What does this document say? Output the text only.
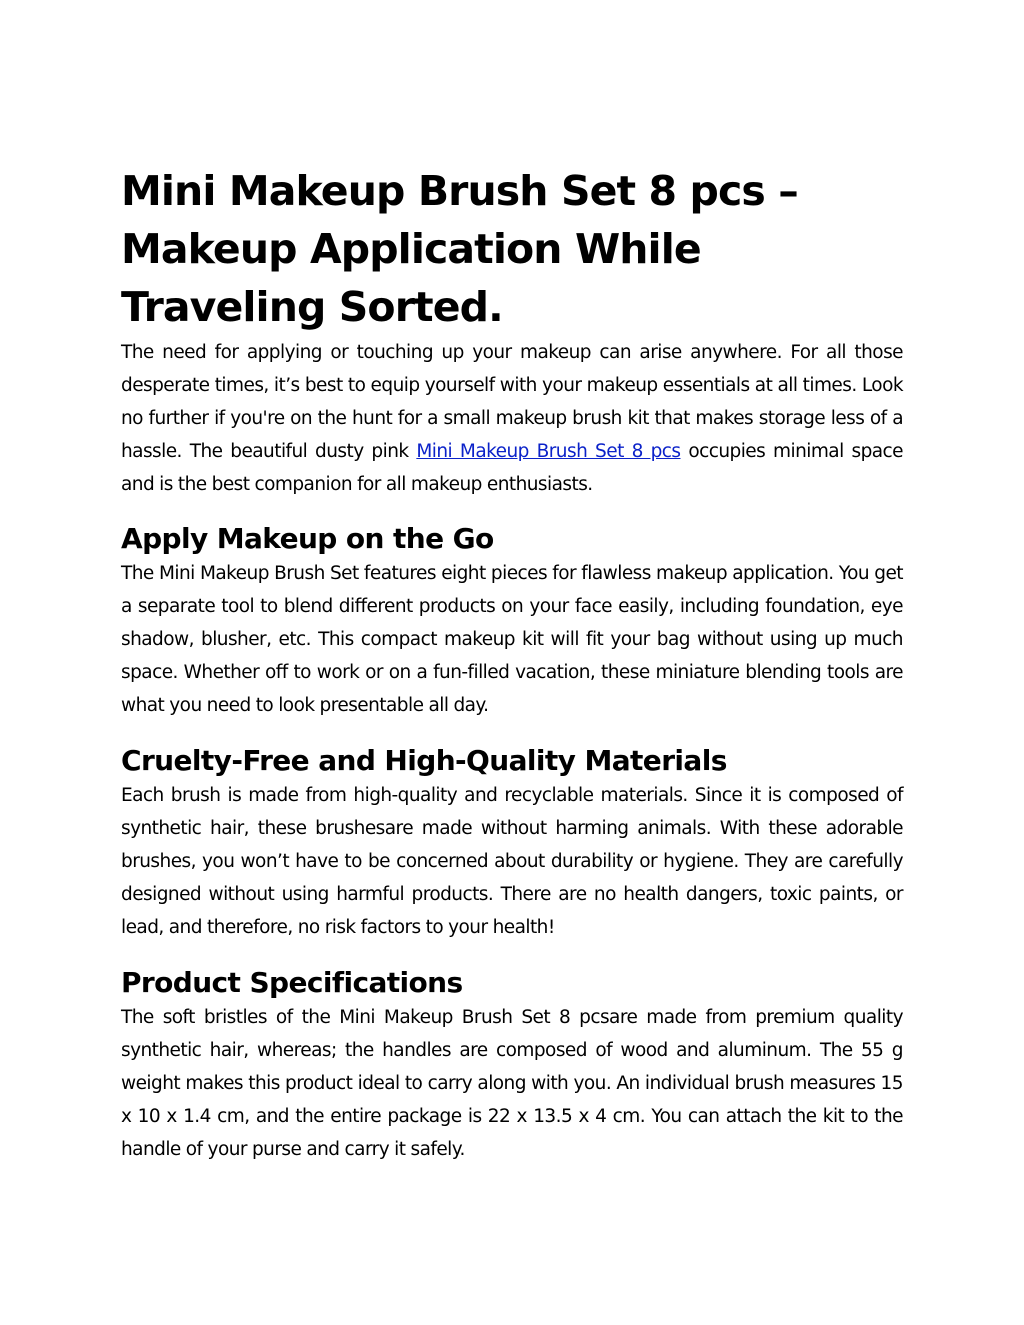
Mini Makeup Brush Set 8 pcs – Makeup Application While Traveling Sorted.

The need for applying or touching up your makeup can arise anywhere. For all those desperate times, it’s best to equip yourself with your makeup essentials at all times. Look no further if you're on the hunt for a small makeup brush kit that makes storage less of a hassle. The beautiful dusty pink Mini Makeup Brush Set 8 pcs occupies minimal space and is the best companion for all makeup enthusiasts.

Apply Makeup on the Go

The Mini Makeup Brush Set features eight pieces for flawless makeup application. You get a separate tool to blend different products on your face easily, including foundation, eye shadow, blusher, etc. This compact makeup kit will fit your bag without using up much space. Whether off to work or on a fun-filled vacation, these miniature blending tools are what you need to look presentable all day.

Cruelty-Free and High-Quality Materials

Each brush is made from high-quality and recyclable materials. Since it is composed of synthetic hair, these brushesare made without harming animals. With these adorable brushes, you won’t have to be concerned about durability or hygiene. They are carefully designed without using harmful products. There are no health dangers, toxic paints, or lead, and therefore, no risk factors to your health!

Product Specifications

The soft bristles of the Mini Makeup Brush Set 8 pcsare made from premium quality synthetic hair, whereas; the handles are composed of wood and aluminum. The 55 g weight makes this product ideal to carry along with you. An individual brush measures 15 x 10 x 1.4 cm, and the entire package is 22 x 13.5 x 4 cm. You can attach the kit to the handle of your purse and carry it safely.
